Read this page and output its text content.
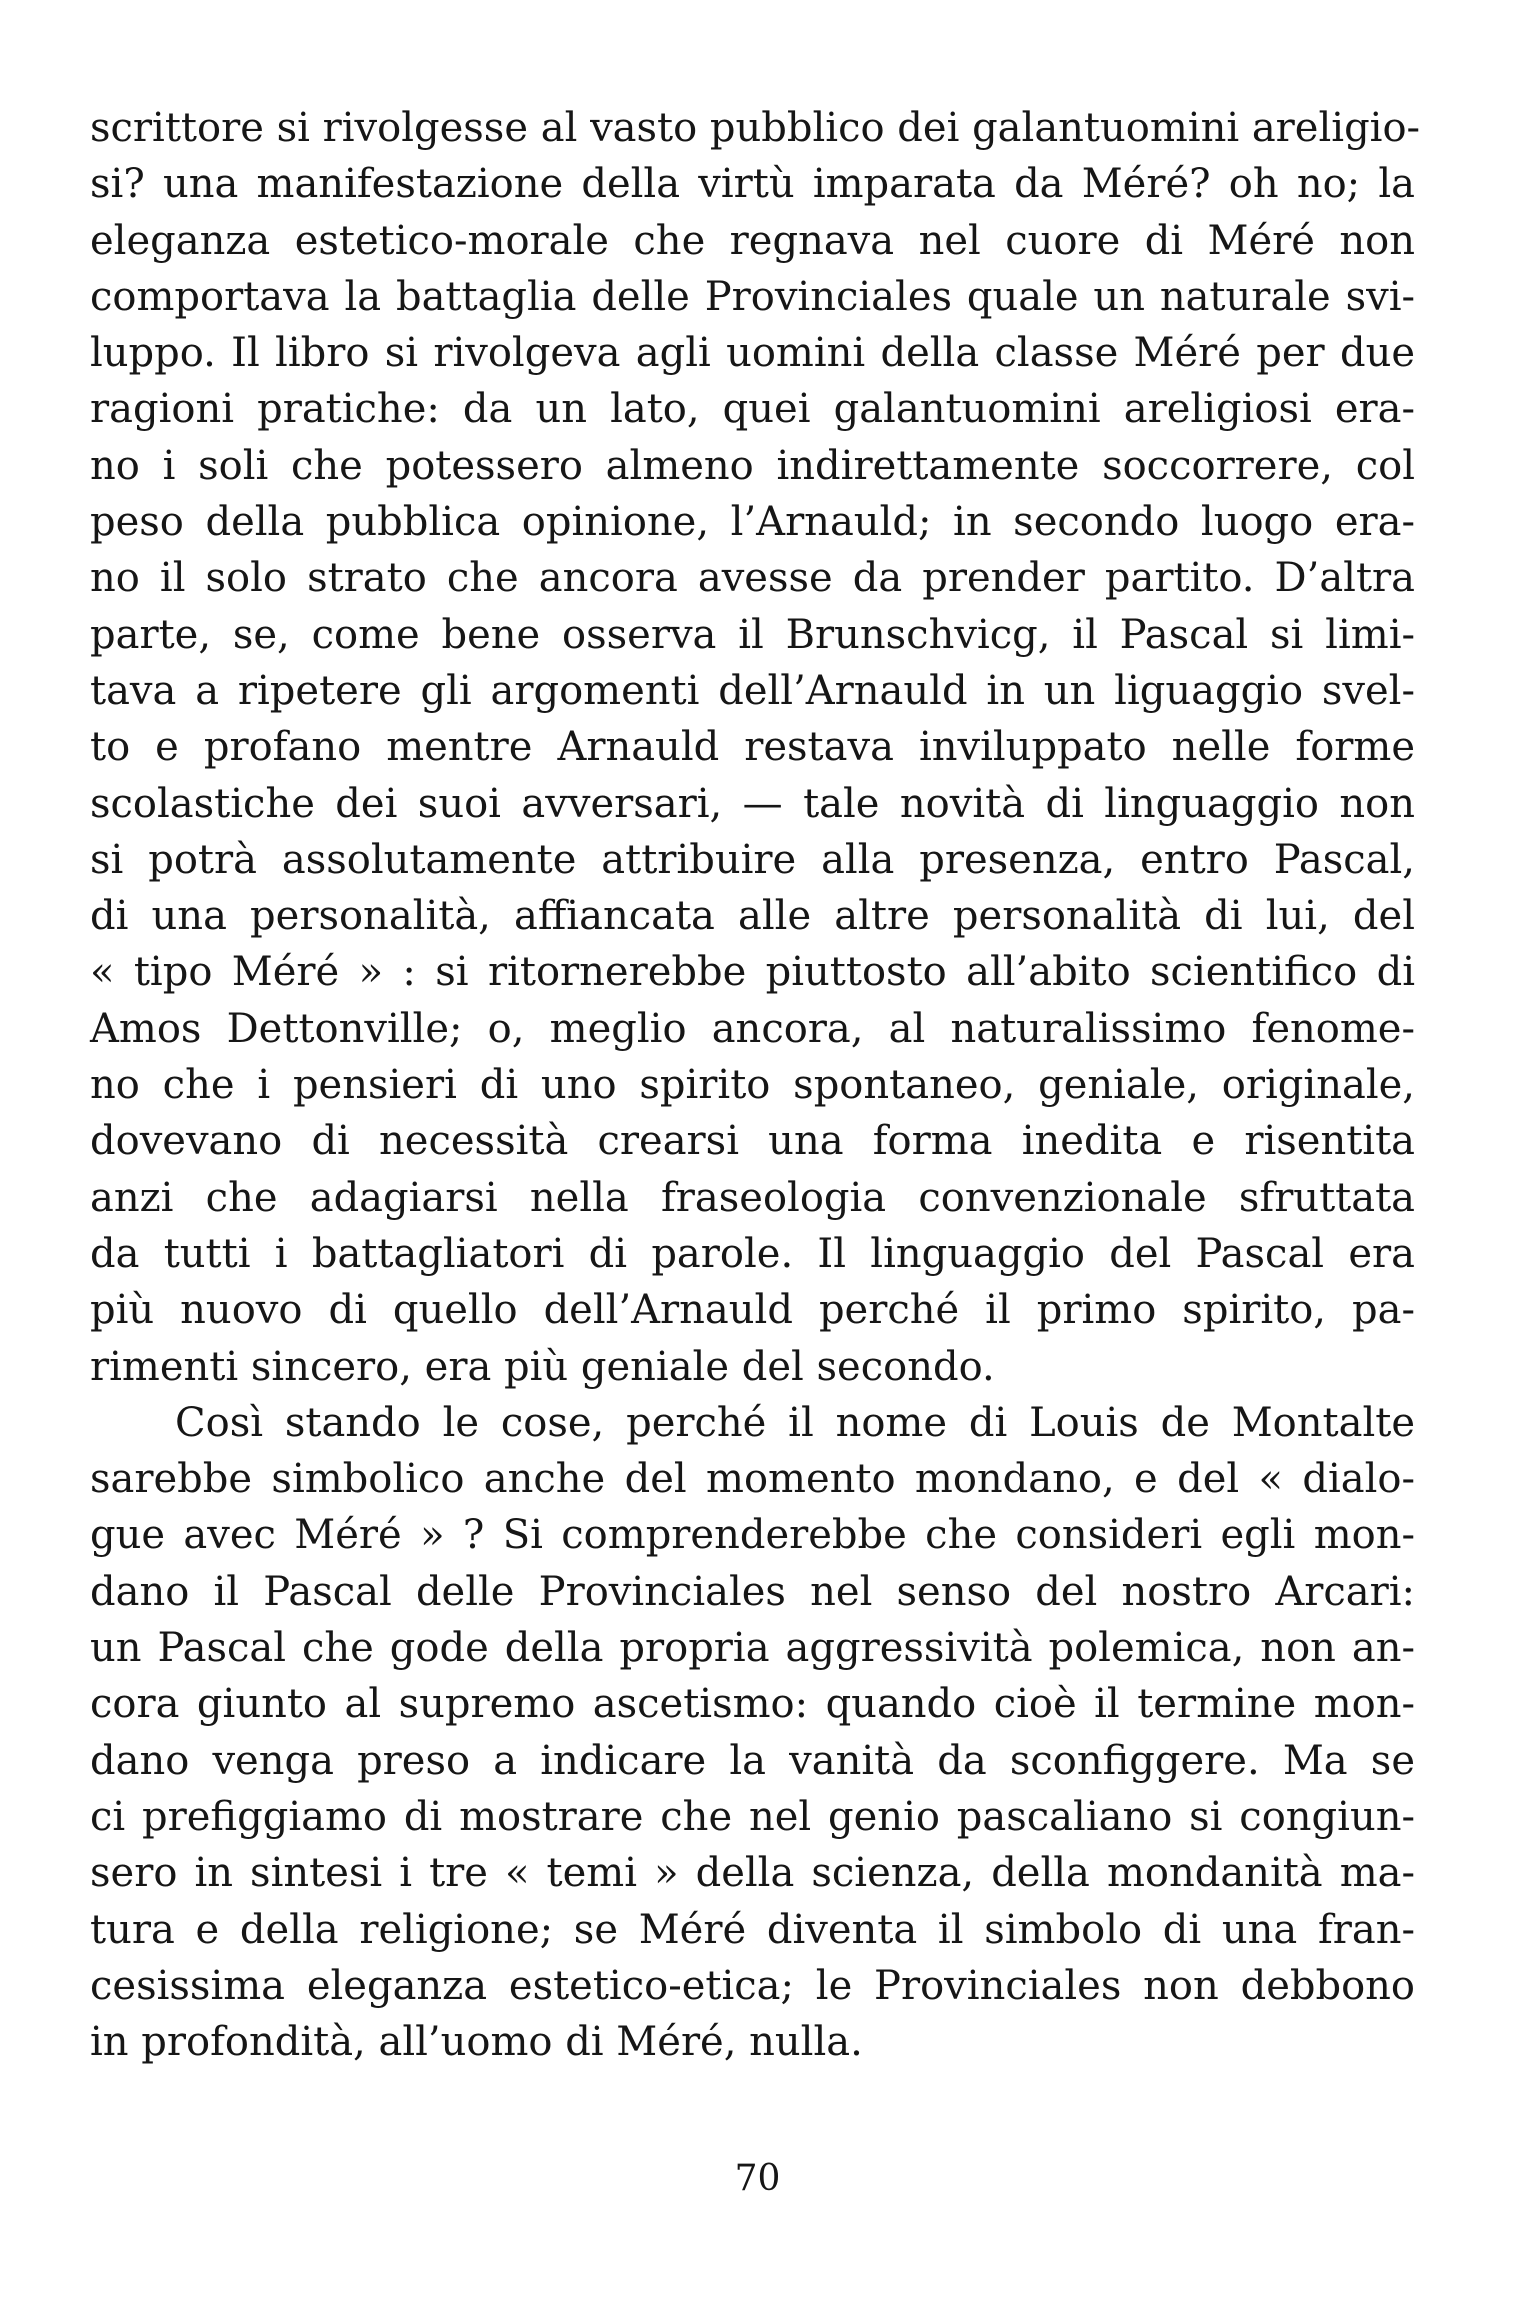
scrittore si rivolgesse al vasto pubblico dei galantuomini areligio-
si? una manifestazione della virtù imparata da Méré? oh no; la
eleganza estetico-morale che regnava nel cuore di Méré non
comportava la battaglia delle Provinciales quale un naturale svi-
luppo. Il libro si rivolgeva agli uomini della classe Méré per due
ragioni pratiche: da un lato, quei galantuomini areligiosi era-
no i soli che potessero almeno indirettamente soccorrere, col
peso della pubblica opinione, l’Arnauld; in secondo luogo era-
no il solo strato che ancora avesse da prender partito. D’altra
parte, se, come bene osserva il Brunschvicg, il Pascal si limi-
tava a ripetere gli argomenti dell’Arnauld in un liguaggio svel-
to e profano mentre Arnauld restava inviluppato nelle forme
scolastiche dei suoi avversari, — tale novità di linguaggio non
si potrà assolutamente attribuire alla presenza, entro Pascal,
di una personalità, affiancata alle altre personalità di lui, del
« tipo Méré » : si ritornerebbe piuttosto all’abito scientifico di
Amos Dettonville; o, meglio ancora, al naturalissimo fenome-
no che i pensieri di uno spirito spontaneo, geniale, originale,
dovevano di necessità crearsi una forma inedita e risentita
anzi che adagiarsi nella fraseologia convenzionale sfruttata
da tutti i battagliatori di parole. Il linguaggio del Pascal era
più nuovo di quello dell’Arnauld perché il primo spirito, pa-
rimenti sincero, era più geniale del secondo.
Così stando le cose, perché il nome di Louis de Montalte
sarebbe simbolico anche del momento mondano, e del « dialo-
gue avec Méré » ? Si comprenderebbe che consideri egli mon-
dano il Pascal delle Provinciales nel senso del nostro Arcari:
un Pascal che gode della propria aggressività polemica, non an-
cora giunto al supremo ascetismo: quando cioè il termine mon-
dano venga preso a indicare la vanità da sconfiggere. Ma se
ci prefiggiamo di mostrare che nel genio pascaliano si congiun-
sero in sintesi i tre « temi » della scienza, della mondanità ma-
tura e della religione; se Méré diventa il simbolo di una fran-
cesissima eleganza estetico-etica; le Provinciales non debbono
in profondità, all’uomo di Méré, nulla.
70
